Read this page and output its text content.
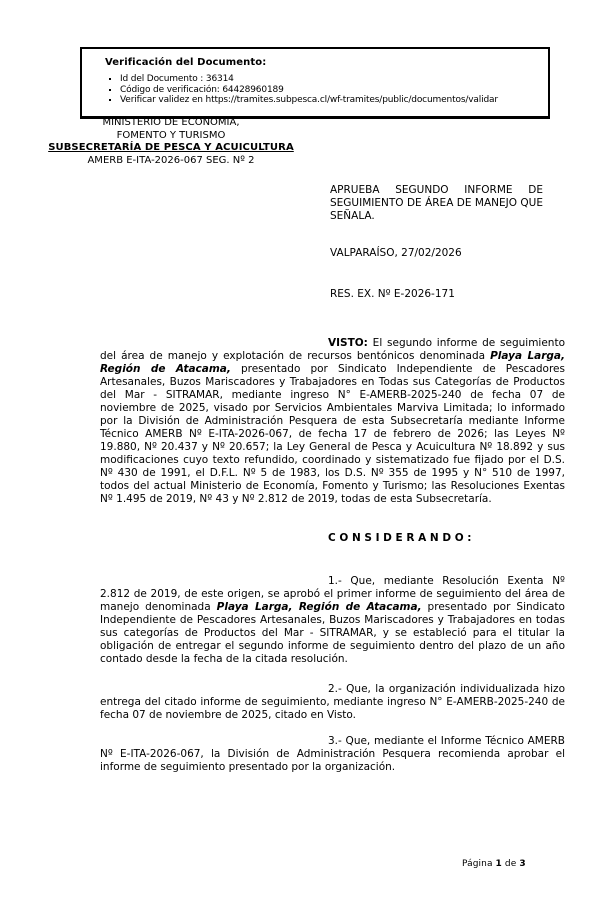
Verificación del Documento:
▪ Id del Documento : 36314
▪ Código de verificación: 64428960189
▪ Verificar validez en https://tramites.subpesca.cl/wf-tramites/public/documentos/validar
MINISTERIO DE ECONOMÍA,
FOMENTO Y TURISMO
SUBSECRETARÍA DE PESCA Y ACUICULTURA
AMERB E-ITA-2026-067 SEG. Nº 2
APRUEBA SEGUNDO INFORME DE SEGUIMIENTO DE ÁREA DE MANEJO QUE SEÑALA.
VALPARAÍSO, 27/02/2026
RES. EX. Nº E-2026-171

VISTO: El segundo informe de seguimiento del área de manejo y explotación de recursos bentónicos denominada Playa Larga, Región de Atacama, presentado por Sindicato Independiente de Pescadores Artesanales, Buzos Mariscadores y Trabajadores en Todas sus Categorías de Productos del Mar - SITRAMAR, mediante ingreso N° E-AMERB-2025-240 de fecha 07 de noviembre de 2025, visado por Servicios Ambientales Marviva Limitada; lo informado por la División de Administración Pesquera de esta Subsecretaría mediante Informe Técnico AMERB Nº E-ITA-2026-067, de fecha 17 de febrero de 2026; las Leyes Nº 19.880, Nº 20.437 y Nº 20.657; la Ley General de Pesca y Acuicultura Nº 18.892 y sus modificaciones cuyo texto refundido, coordinado y sistematizado fue fijado por el D.S. Nº 430 de 1991, el D.F.L. Nº 5 de 1983, los D.S. Nº 355 de 1995 y N° 510 de 1997, todos del actual Ministerio de Economía, Fomento y Turismo; las Resoluciones Exentas Nº 1.495 de 2019, Nº 43 y Nº 2.812 de 2019, todas de esta Subsecretaría.

C O N S I D E R A N D O :

1.- Que, mediante Resolución Exenta Nº 2.812 de 2019, de este origen, se aprobó el primer informe de seguimiento del área de manejo denominada Playa Larga, Región de Atacama, presentado por Sindicato Independiente de Pescadores Artesanales, Buzos Mariscadores y Trabajadores en todas sus categorías de Productos del Mar - SITRAMAR, y se estableció para el titular la obligación de entregar el segundo informe de seguimiento dentro del plazo de un año contado desde la fecha de la citada resolución.

2.- Que, la organización individualizada hizo entrega del citado informe de seguimiento, mediante ingreso N° E-AMERB-2025-240 de fecha 07 de noviembre de 2025, citado en Visto.

3.- Que, mediante el Informe Técnico AMERB Nº E-ITA-2026-067, la División de Administración Pesquera recomienda aprobar el informe de seguimiento presentado por la organización.

Página 1 de 3
